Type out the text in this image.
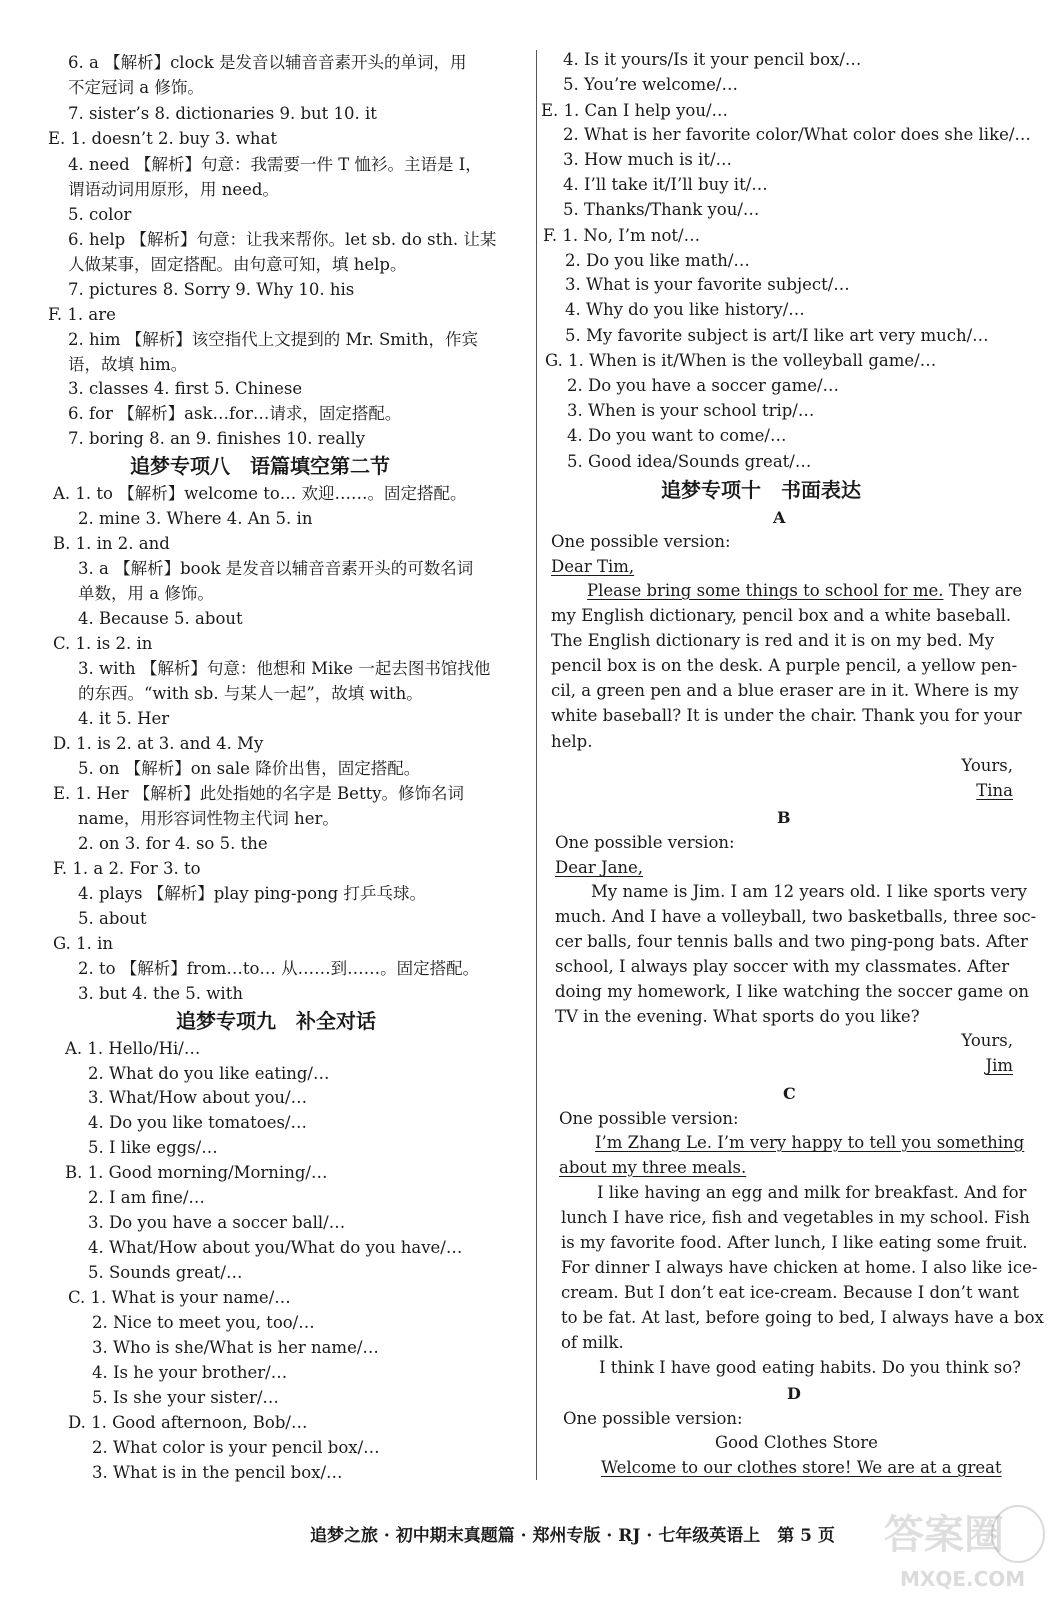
6. a 【解析】clock 是发音以辅音音素开头的单词，用
不定冠词 a 修饰。
7. sister’s 8. dictionaries 9. but 10. it
E. 1. doesn’t 2. buy 3. what
4. need 【解析】句意：我需要一件 T 恤衫。主语是 I，
谓语动词用原形，用 need。
5. color
6. help 【解析】句意：让我来帮你。let sb. do sth. 让某
人做某事，固定搭配。由句意可知，填 help。
7. pictures 8. Sorry 9. Why 10. his
F. 1. are
2. him 【解析】该空指代上文提到的 Mr. Smith，作宾
语，故填 him。
3. classes 4. first 5. Chinese
6. for 【解析】ask…for…请求，固定搭配。
7. boring 8. an 9. finishes 10. really
A. 1. to 【解析】welcome to… 欢迎……。固定搭配。
2. mine 3. Where 4. An 5. in
B. 1. in 2. and
3. a 【解析】book 是发音以辅音音素开头的可数名词
单数，用 a 修饰。
4. Because 5. about
C. 1. is 2. in
3. with 【解析】句意：他想和 Mike 一起去图书馆找他
的东西。“with sb. 与某人一起”，故填 with。
4. it 5. Her
D. 1. is 2. at 3. and 4. My
5. on 【解析】on sale 降价出售，固定搭配。
E. 1. Her 【解析】此处指她的名字是 Betty。修饰名词
name，用形容词性物主代词 her。
2. on 3. for 4. so 5. the
F. 1. a 2. For 3. to
4. plays 【解析】play ping-pong 打乒乓球。
5. about
G. 1. in
2. to 【解析】from…to… 从……到……。固定搭配。
3. but 4. the 5. with
A. 1. Hello/Hi/…
2. What do you like eating/…
3. What/How about you/…
4. Do you like tomatoes/…
5. I like eggs/…
B. 1. Good morning/Morning/…
2. I am fine/…
3. Do you have a soccer ball/…
4. What/How about you/What do you have/…
5. Sounds great/…
C. 1. What is your name/…
2. Nice to meet you, too/…
3. Who is she/What is her name/…
4. Is he your brother/…
5. Is she your sister/…
D. 1. Good afternoon, Bob/…
2. What color is your pencil box/…
3. What is in the pencil box/…
追梦专项八　语篇填空第二节
追梦专项九　补全对话
4. Is it yours/Is it your pencil box/…
5. You’re welcome/…
E. 1. Can I help you/…
2. What is her favorite color/What color does she like/…
3. How much is it/…
4. I’ll take it/I’ll buy it/…
5. Thanks/Thank you/…
F. 1. No, I’m not/…
2. Do you like math/…
3. What is your favorite subject/…
4. Why do you like history/…
5. My favorite subject is art/I like art very much/…
G. 1. When is it/When is the volleyball game/…
2. Do you have a soccer game/…
3. When is your school trip/…
4. Do you want to come/…
5. Good idea/Sounds great/…
One possible version:
Dear Tim,
Please bring some things to school for me. They are
my English dictionary, pencil box and a white baseball.
The English dictionary is red and it is on my bed. My
pencil box is on the desk. A purple pencil, a yellow pen-
cil, a green pen and a blue eraser are in it. Where is my
white baseball? It is under the chair. Thank you for your
help.
One possible version:
Dear Jane,
My name is Jim. I am 12 years old. I like sports very
much. And I have a volleyball, two basketballs, three soc-
cer balls, four tennis balls and two ping-pong bats. After
school, I always play soccer with my classmates. After
doing my homework, I like watching the soccer game on
TV in the evening. What sports do you like?
One possible version:
I’m Zhang Le. I’m very happy to tell you something
about my three meals.
I like having an egg and milk for breakfast. And for
lunch I have rice, fish and vegetables in my school. Fish
is my favorite food. After lunch, I like eating some fruit.
For dinner I always have chicken at home. I also like ice-
cream. But I don’t eat ice-cream. Because I don’t want
to be fat. At last, before going to bed, I always have a box
of milk.
I think I have good eating habits. Do you think so?
One possible version:
Good Clothes Store
Welcome to our clothes store! We are at a great
追梦专项十　书面表达
A
B
C
D
Yours,
Tina
Yours,
Jim
追梦之旅 · 初中期末真题篇 · 郑州专版 · RJ · 七年级英语上　第 5 页 答案圈
MXQE.COM
